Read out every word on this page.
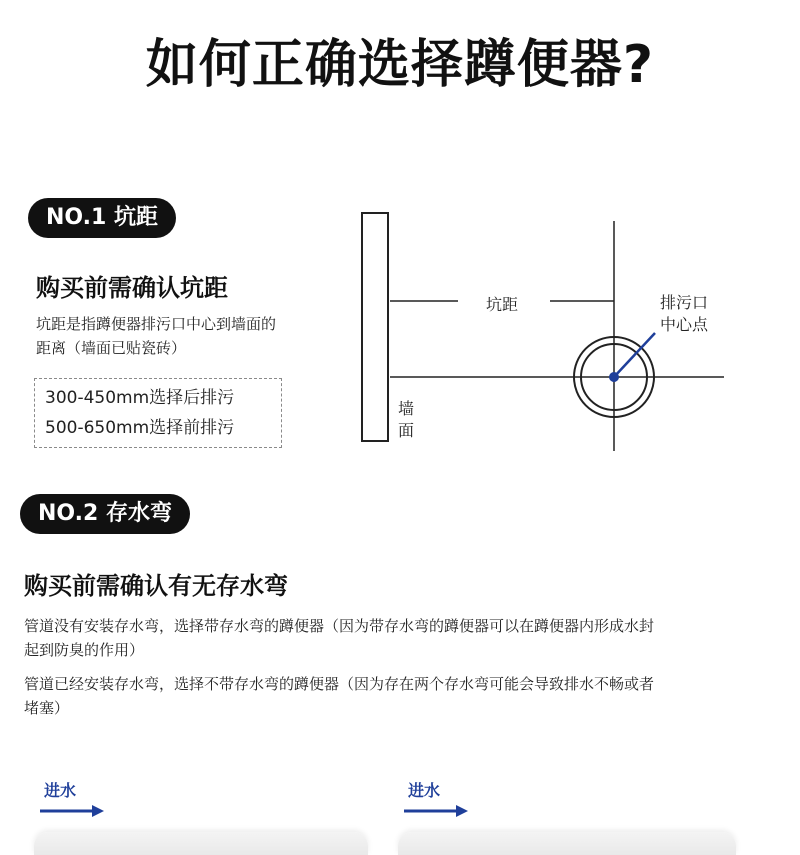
如何正确选择蹲便器?
NO.1 坑距
购买前需确认坑距
坑距是指蹲便器排污口中心到墙面的
距离（墙面已贴瓷砖）
300-450mm选择后排污
500-650mm选择前排污
坑距	排污口
中心点
墙
面
NO.2 存水弯
购买前需确认有无存水弯
管道没有安装存水弯，选择带存水弯的蹲便器（因为带存水弯的蹲便器可以在蹲便器内形成水封
起到防臭的作用）
管道已经安装存水弯，选择不带存水弯的蹲便器（因为存在两个存水弯可能会导致排水不畅或者
堵塞）
进水	进水
